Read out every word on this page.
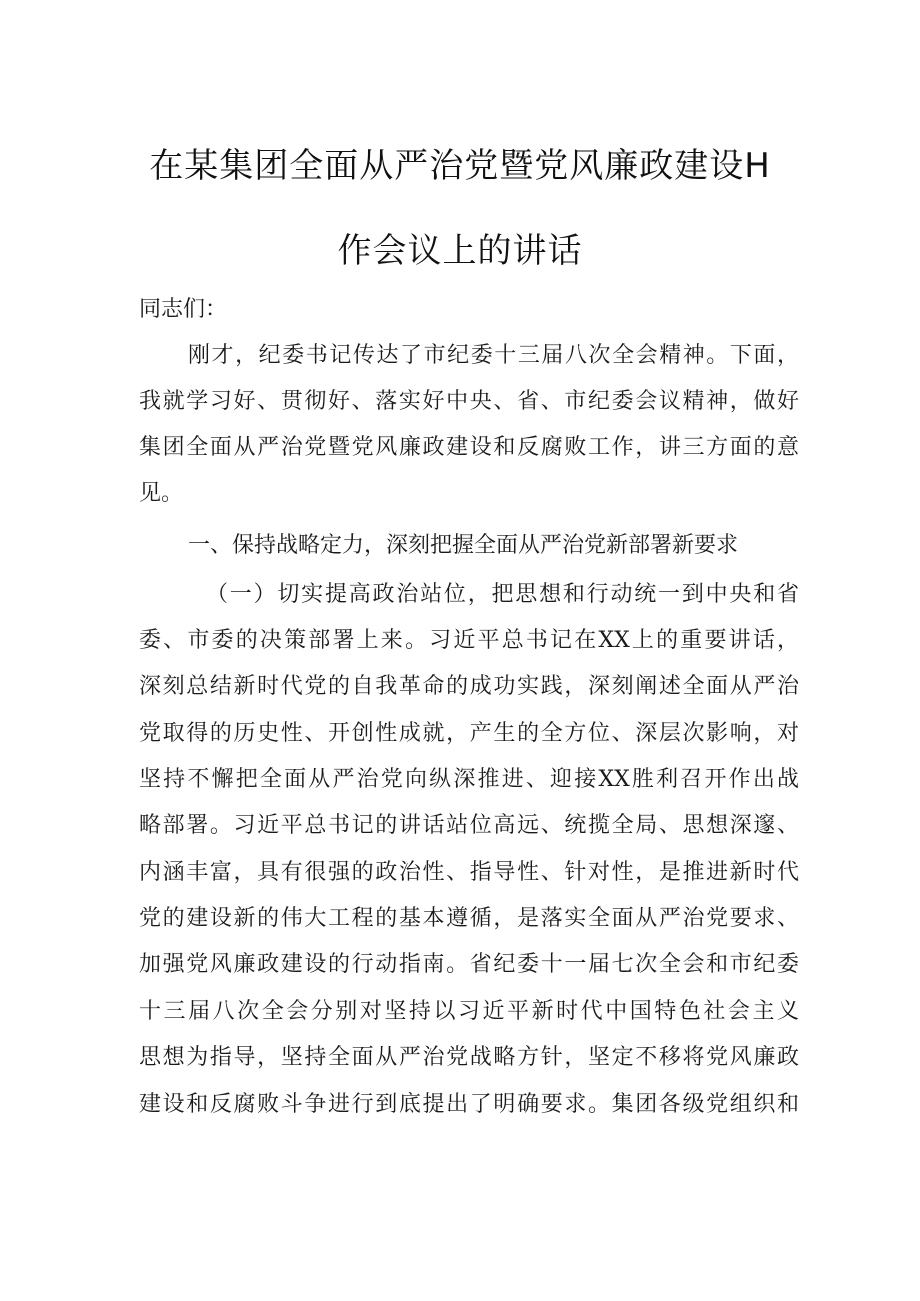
在某集团全面从严治党暨党风廉政建设H
作会议上的讲话
同志们：
刚才，纪委书记传达了市纪委十三届八次全会精神。下面，
我就学习好、贯彻好、落实好中央、省、市纪委会议精神，做好
集团全面从严治党暨党风廉政建设和反腐败工作，讲三方面的意
见。
一、保持战略定力，深刻把握全面从严治党新部署新要求
（一）切实提高政治站位，把思想和行动统一到中央和省
委、市委的决策部署上来。习近平总书记在XX上的重要讲话，
深刻总结新时代党的自我革命的成功实践，深刻阐述全面从严治
党取得的历史性、开创性成就，产生的全方位、深层次影响，对
坚持不懈把全面从严治党向纵深推进、迎接XX胜利召开作出战
略部署。习近平总书记的讲话站位高远、统揽全局、思想深邃、
内涵丰富，具有很强的政治性、指导性、针对性，是推进新时代
党的建设新的伟大工程的基本遵循，是落实全面从严治党要求、
加强党风廉政建设的行动指南。省纪委十一届七次全会和市纪委
十三届八次全会分别对坚持以习近平新时代中国特色社会主义
思想为指导，坚持全面从严治党战略方针，坚定不移将党风廉政
建设和反腐败斗争进行到底提出了明确要求。集团各级党组织和
